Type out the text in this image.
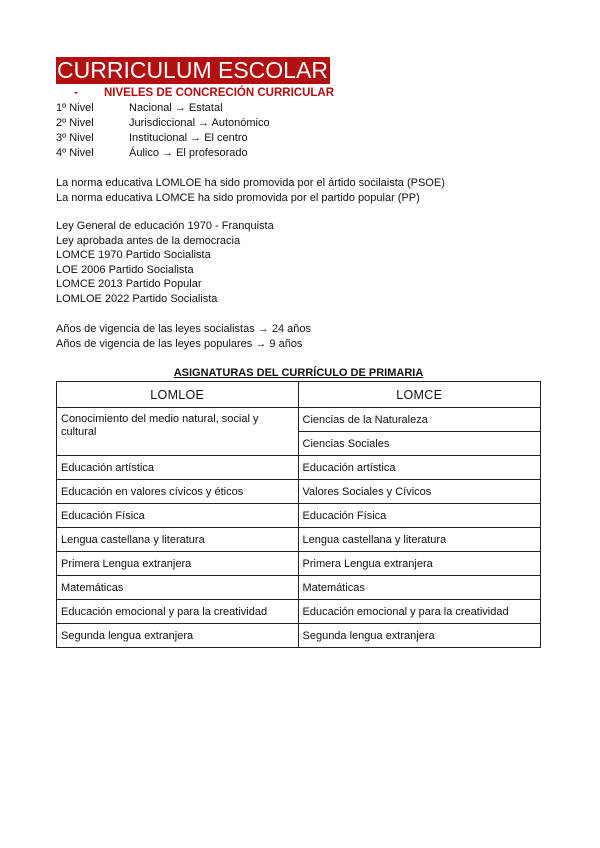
CURRICULUM ESCOLAR
- NIVELES DE CONCRECIÓN CURRICULAR
1º Nivel	Nacional → Estatal
2º Nivel	Jurisdiccional → Autonómico
3º Nivel	Institucional → El centro
4º Nivel	Áulico → El profesorado
La norma educativa LOMLOE ha sido promovida por el ártido socilaista (PSOE)
La norma educativa LOMCE ha sido promovida por el partido popular (PP)
Ley General de educación 1970 - Franquista
Ley aprobada antes de la democracia
LOMCE 1970 Partido Socialista
LOE 2006 Partido Socialista
LOMCE 2013 Partido Popular
LOMLOE 2022 Partido Socialista
Años de vigencia de las leyes socialistas → 24 años
Años de vigencia de las leyes populares → 9 años
ASIGNATURAS DEL CURRÍCULO DE PRIMARIA
LOMLOE	LOMCE
Conocimiento del medio natural, social y cultural	Ciencias de la Naturaleza
	Ciencias Sociales
Educación artística	Educación artística
Educación en valores cívicos y éticos	Valores Sociales y Cívicos
Educación Física	Educación Física
Lengua castellana y literatura	Lengua castellana y literatura
Primera Lengua extranjera	Primera Lengua extranjera
Matemáticas	Matemáticas
Educación emocional y para la creatividad	Educación emocional y para la creatividad
Segunda lengua extranjera	Segunda lengua extranjera
